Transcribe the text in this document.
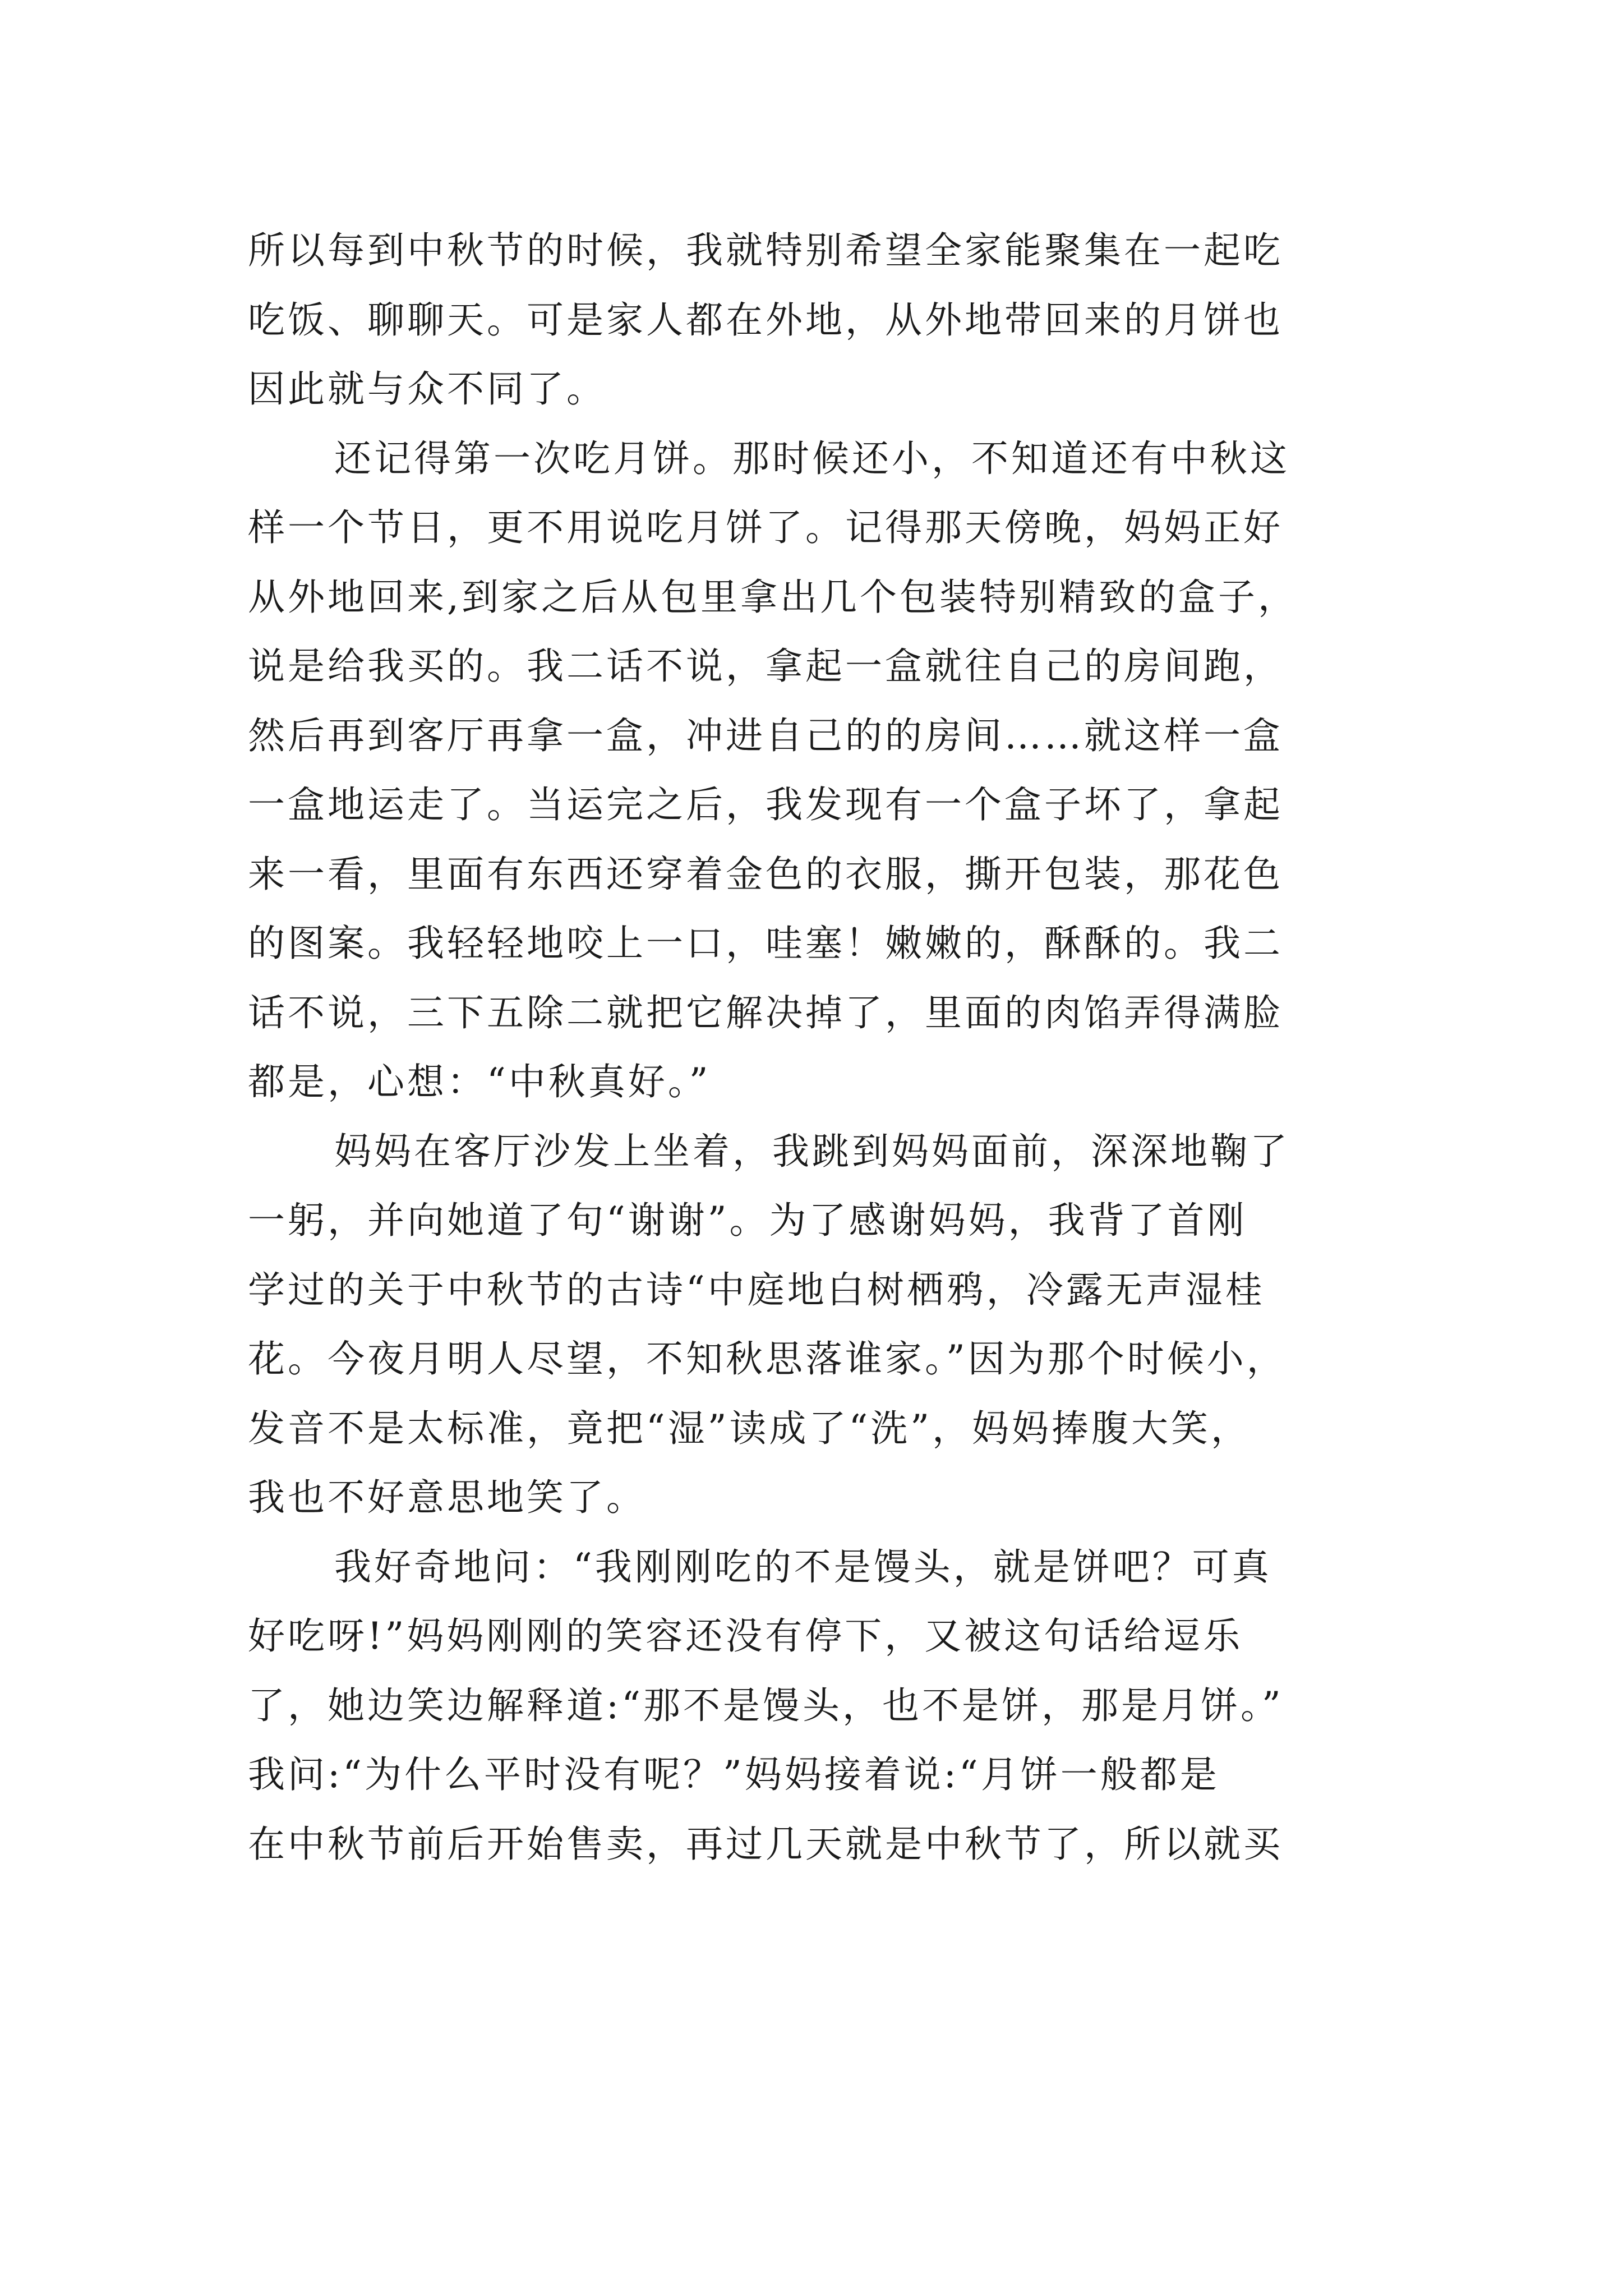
所以每到中秋节的时候，我就特别希望全家能聚集在一起吃
吃饭、聊聊天。可是家人都在外地，从外地带回来的月饼也
因此就与众不同了。
还记得第一次吃月饼。那时候还小，不知道还有中秋这
样一个节日，更不用说吃月饼了。记得那天傍晚，妈妈正好
从外地回来,到家之后从包里拿出几个包装特别精致的盒子，
说是给我买的。我二话不说，拿起一盒就往自己的房间跑，
然后再到客厅再拿一盒，冲进自己的的房间……就这样一盒
一盒地运走了。当运完之后，我发现有一个盒子坏了，拿起
来一看，里面有东西还穿着金色的衣服，撕开包装，那花色
的图案。我轻轻地咬上一口，哇塞！嫩嫩的，酥酥的。我二
话不说，三下五除二就把它解决掉了，里面的肉馅弄得满脸
都是，心想：“中秋真好。”
妈妈在客厅沙发上坐着，我跳到妈妈面前，深深地鞠了
一躬，并向她道了句“谢谢”。为了感谢妈妈，我背了首刚
学过的关于中秋节的古诗“中庭地白树栖鸦，冷露无声湿桂
花。今夜月明人尽望，不知秋思落谁家。”因为那个时候小，
发音不是太标准，竟把“湿”读成了“洗”，妈妈捧腹大笑，
我也不好意思地笑了。
我好奇地问：“我刚刚吃的不是馒头，就是饼吧？可真
好吃呀!”妈妈刚刚的笑容还没有停下，又被这句话给逗乐
了，她边笑边解释道:“那不是馒头，也不是饼，那是月饼。”
我问:“为什么平时没有呢？”妈妈接着说:“月饼一般都是
在中秋节前后开始售卖，再过几天就是中秋节了，所以就买
